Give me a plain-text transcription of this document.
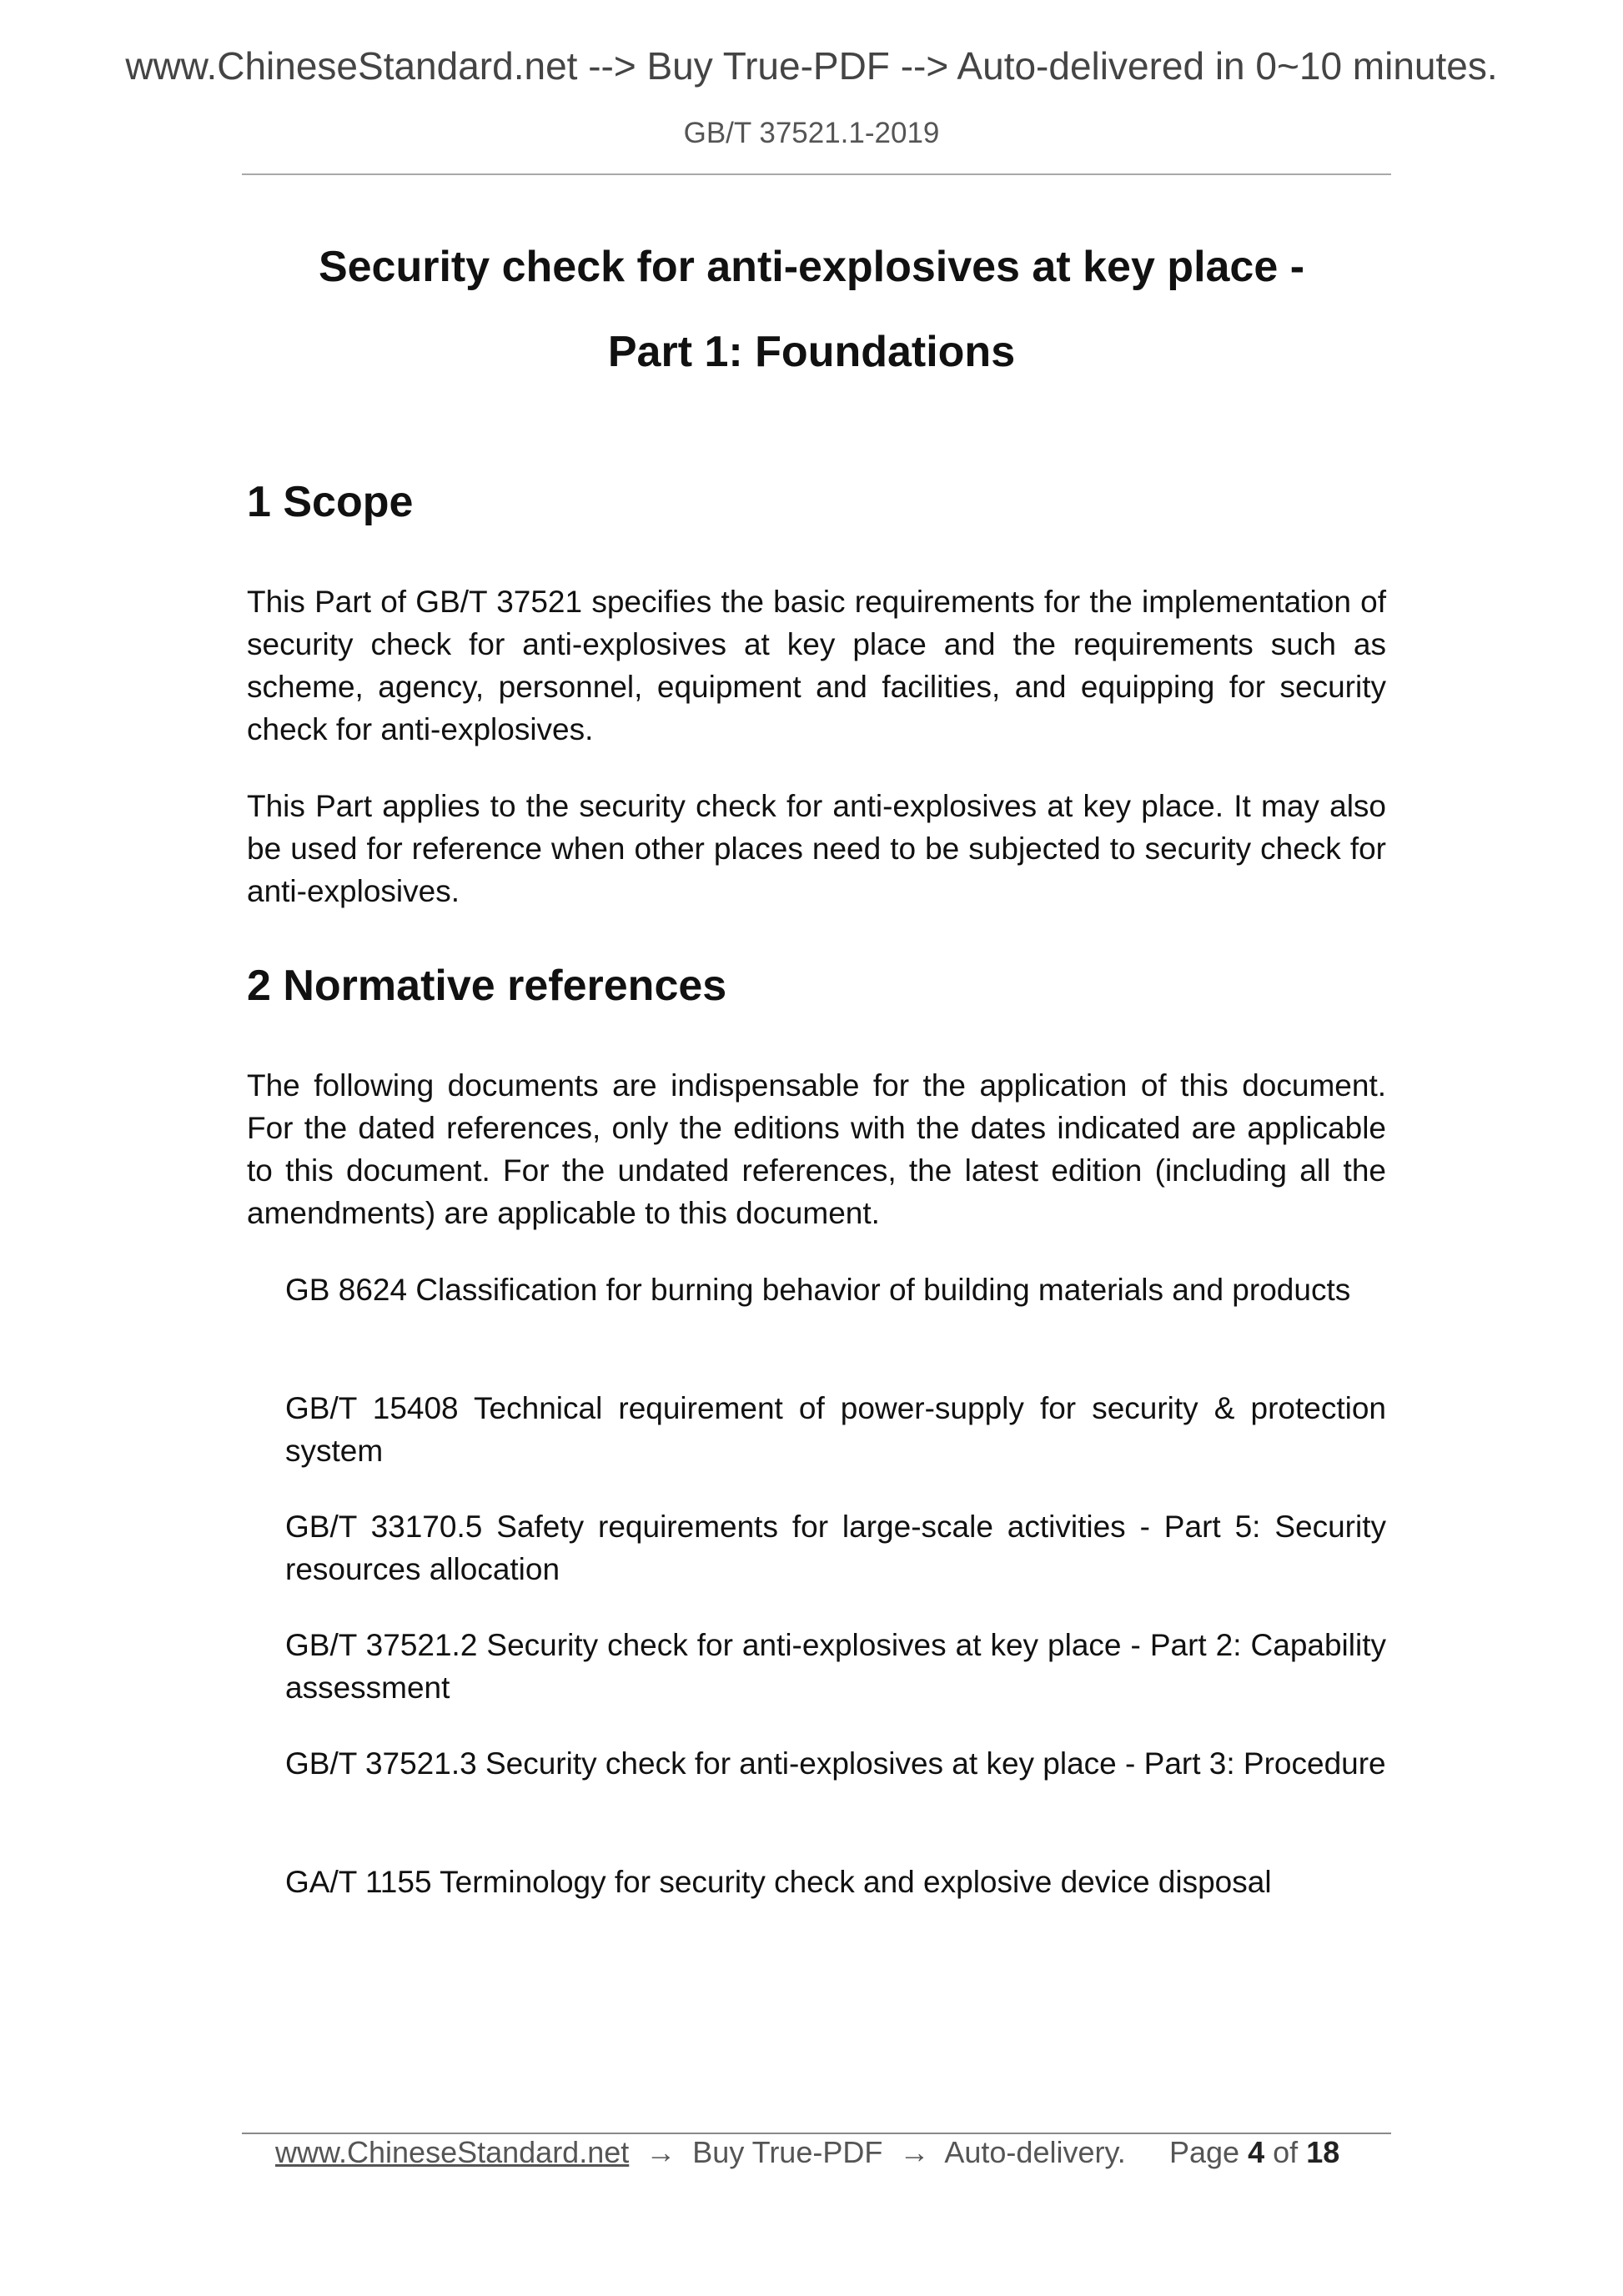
www.ChineseStandard.net --> Buy True-PDF --> Auto-delivered in 0~10 minutes.
GB/T 37521.1-2019
Security check for anti-explosives at key place -
Part 1: Foundations
1 Scope
This Part of GB/T 37521 specifies the basic requirements for the implementation of security check for anti-explosives at key place and the requirements such as scheme, agency, personnel, equipment and facilities, and equipping for security check for anti-explosives.
This Part applies to the security check for anti-explosives at key place. It may also be used for reference when other places need to be subjected to security check for anti-explosives.
2 Normative references
The following documents are indispensable for the application of this document. For the dated references, only the editions with the dates indicated are applicable to this document. For the undated references, the latest edition (including all the amendments) are applicable to this document.
GB 8624 Classification for burning behavior of building materials and products
GB/T 15408 Technical requirement of power-supply for security & protection system
GB/T 33170.5 Safety requirements for large-scale activities - Part 5: Security resources allocation
GB/T 37521.2 Security check for anti-explosives at key place - Part 2: Capability assessment
GB/T 37521.3 Security check for anti-explosives at key place - Part 3: Procedure
GA/T 1155 Terminology for security check and explosive device disposal
www.ChineseStandard.net → Buy True-PDF → Auto-delivery. Page 4 of 18
